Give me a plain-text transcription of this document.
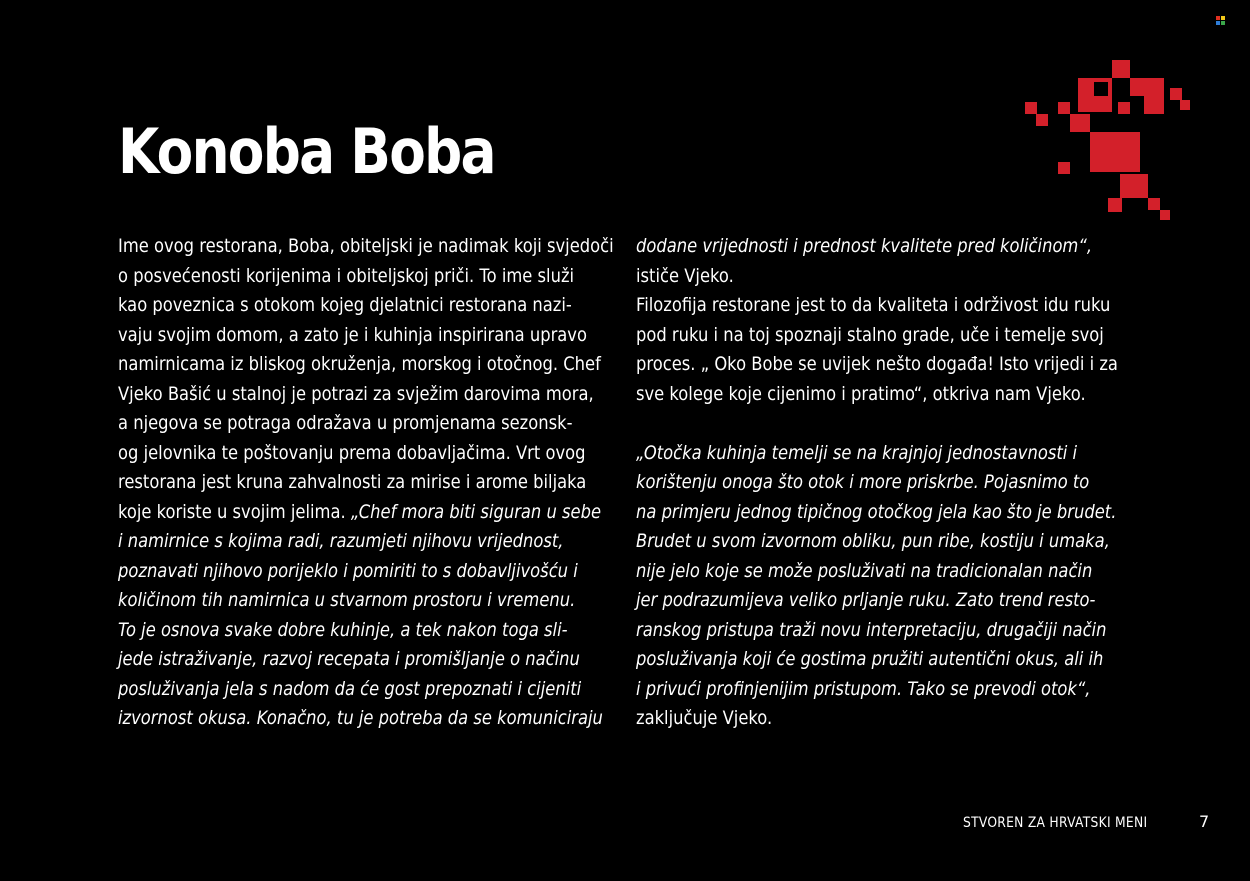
Konoba Boba
Ime ovog restorana, Boba, obiteljski je nadimak koji svjedoči
o posvećenosti korijenima i obiteljskoj priči. To ime služi
kao poveznica s otokom kojeg djelatnici restorana nazi-
vaju svojim domom, a zato je i kuhinja inspirirana upravo
namirnicama iz bliskog okruženja, morskog i otočnog. Chef
Vjeko Bašić u stalnoj je potrazi za svježim darovima mora,
a njegova se potraga odražava u promjenama sezonsk-
og jelovnika te poštovanju prema dobavljačima. Vrt ovog
restorana jest kruna zahvalnosti za mirise i arome biljaka
koje koriste u svojim jelima. „Chef mora biti siguran u sebe
i namirnice s kojima radi, razumjeti njihovu vrijednost,
poznavati njihovo porijeklo i pomiriti to s dobavljivošću i
količinom tih namirnica u stvarnom prostoru i vremenu.
To je osnova svake dobre kuhinje, a tek nakon toga sli-
jede istraživanje, razvoj recepata i promišljanje o načinu
posluživanja jela s nadom da će gost prepoznati i cijeniti
izvornost okusa. Konačno, tu je potreba da se komuniciraju
dodane vrijednosti i prednost kvalitete pred količinom“,
ističe Vjeko.
Filozofija restorane jest to da kvaliteta i održivost idu ruku
pod ruku i na toj spoznaji stalno grade, uče i temelje svoj
proces. „ Oko Bobe se uvijek nešto događa! Isto vrijedi i za
sve kolege koje cijenimo i pratimo“, otkriva nam Vjeko.
„Otočka kuhinja temelji se na krajnjoj jednostavnosti i
korištenju onoga što otok i more priskrbe. Pojasnimo to
na primjeru jednog tipičnog otočkog jela kao što je brudet.
Brudet u svom izvornom obliku, pun ribe, kostiju i umaka,
nije jelo koje se može posluživati na tradicionalan način
jer podrazumijeva veliko prljanje ruku. Zato trend resto-
ranskog pristupa traži novu interpretaciju, drugačiji način
posluživanja koji će gostima pružiti autentični okus, ali ih
i privući profinjenijim pristupom. Tako se prevodi otok“,
zaključuje Vjeko.
STVOREN ZA HRVATSKI MENI	7
